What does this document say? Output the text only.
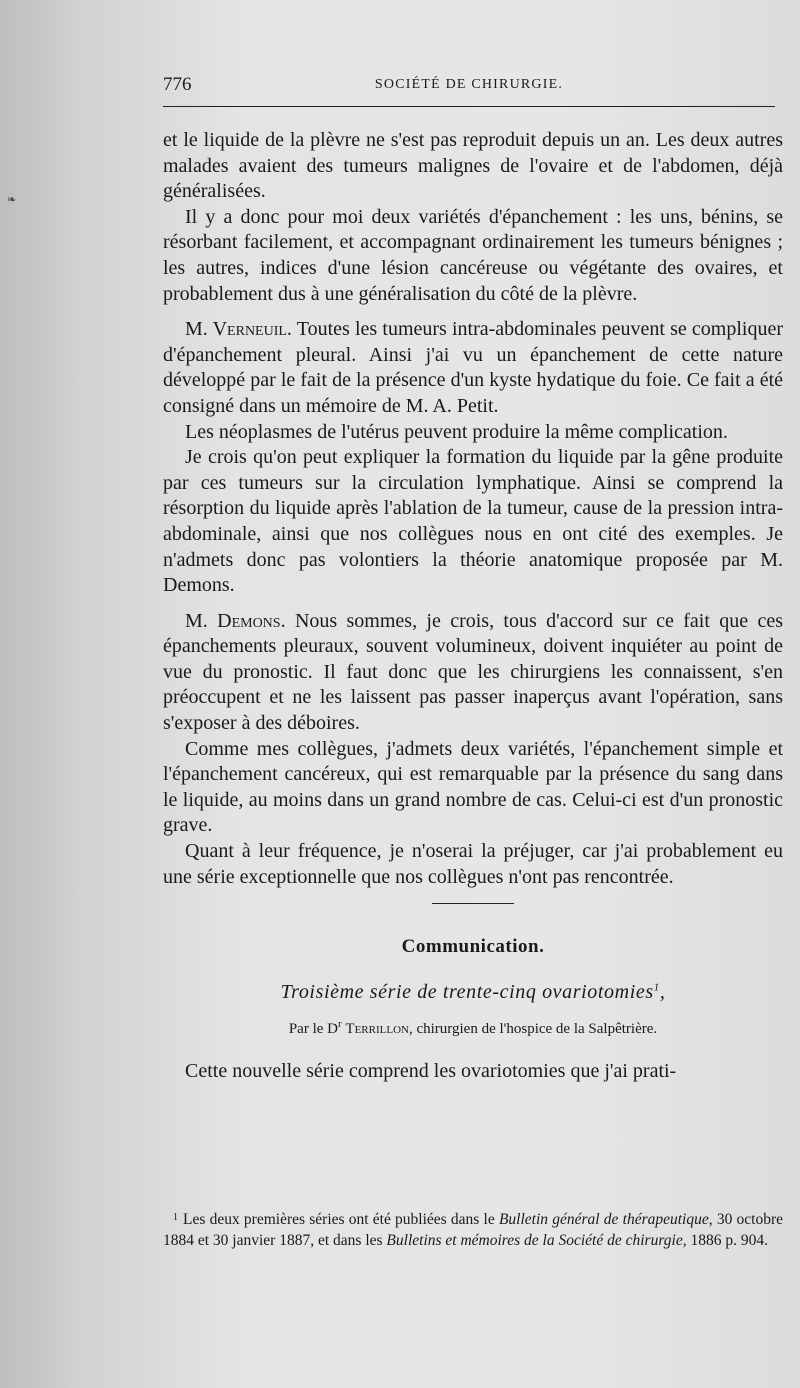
❧
776	SOCIÉTÉ DE CHIRURGIE.

et le liquide de la plèvre ne s'est pas reproduit depuis un an. Les deux autres malades avaient des tumeurs malignes de l'ovaire et de l'abdomen, déjà généralisées.

Il y a donc pour moi deux variétés d'épanchement : les uns, bénins, se résorbant facilement, et accompagnant ordinairement les tumeurs bénignes ; les autres, indices d'une lésion cancéreuse ou végétante des ovaires, et probablement dus à une généralisation du côté de la plèvre.

M. Verneuil. Toutes les tumeurs intra-abdominales peuvent se compliquer d'épanchement pleural. Ainsi j'ai vu un épanchement de cette nature développé par le fait de la présence d'un kyste hydatique du foie. Ce fait a été consigné dans un mémoire de M. A. Petit.

Les néoplasmes de l'utérus peuvent produire la même complication.

Je crois qu'on peut expliquer la formation du liquide par la gêne produite par ces tumeurs sur la circulation lymphatique. Ainsi se comprend la résorption du liquide après l'ablation de la tumeur, cause de la pression intra-abdominale, ainsi que nos collègues nous en ont cité des exemples. Je n'admets donc pas volontiers la théorie anatomique proposée par M. Demons.

M. Demons. Nous sommes, je crois, tous d'accord sur ce fait que ces épanchements pleuraux, souvent volumineux, doivent inquiéter au point de vue du pronostic. Il faut donc que les chirurgiens les connaissent, s'en préoccupent et ne les laissent pas passer inaperçus avant l'opération, sans s'exposer à des déboires.

Comme mes collègues, j'admets deux variétés, l'épanchement simple et l'épanchement cancéreux, qui est remarquable par la présence du sang dans le liquide, au moins dans un grand nombre de cas. Celui-ci est d'un pronostic grave.

Quant à leur fréquence, je n'oserai la préjuger, car j'ai probablement eu une série exceptionnelle que nos collègues n'ont pas rencontrée.

Communication.
Troisième série de trente-cinq ovariotomies$^1$,
Par le $D^r$ Terrillon, chirurgien de l'hospice de la Salpêtrière.

Cette nouvelle série comprend les ovariotomies que j'ai prati-

$^1$ Les deux premières séries ont été publiées dans le Bulletin général de thérapeutique, 30 octobre 1884 et 30 janvier 1887, et dans les Bulletins et mémoires de la Société de chirurgie, 1886 p. 904.
